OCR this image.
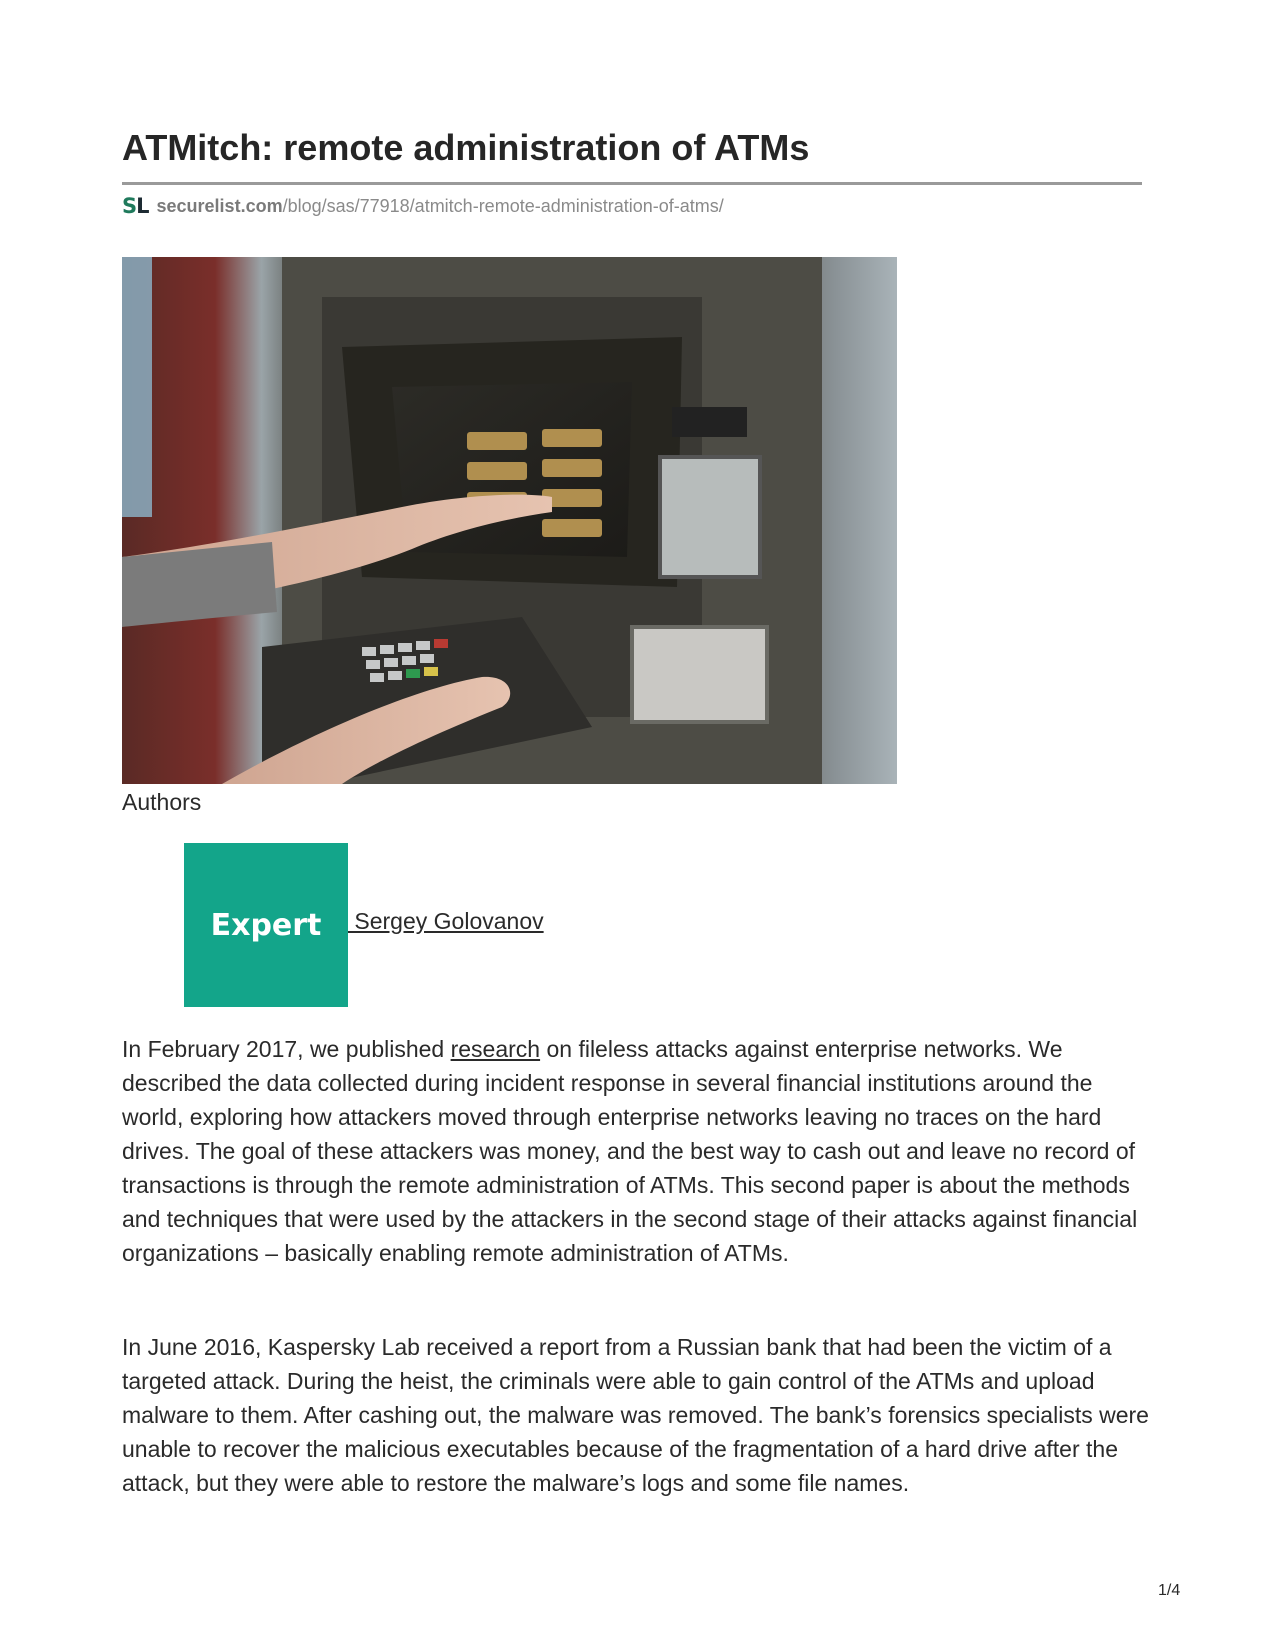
ATMitch: remote administration of ATMs
SL securelist.com /blog/sas/77918/atmitch-remote-administration-of-atms/
Authors
Expert Sergey Golovanov

In February 2017, we published research on fileless attacks against enterprise networks. We described the data collected during incident response in several financial institutions around the world, exploring how attackers moved through enterprise networks leaving no traces on the hard drives. The goal of these attackers was money, and the best way to cash out and leave no record of transactions is through the remote administration of ATMs. This second paper is about the methods and techniques that were used by the attackers in the second stage of their attacks against financial organizations – basically enabling remote administration of ATMs.

In June 2016, Kaspersky Lab received a report from a Russian bank that had been the victim of a targeted attack. During the heist, the criminals were able to gain control of the ATMs and upload malware to them. After cashing out, the malware was removed. The bank’s forensics specialists were unable to recover the malicious executables because of the fragmentation of a hard drive after the attack, but they were able to restore the malware’s logs and some file names.

1/4
